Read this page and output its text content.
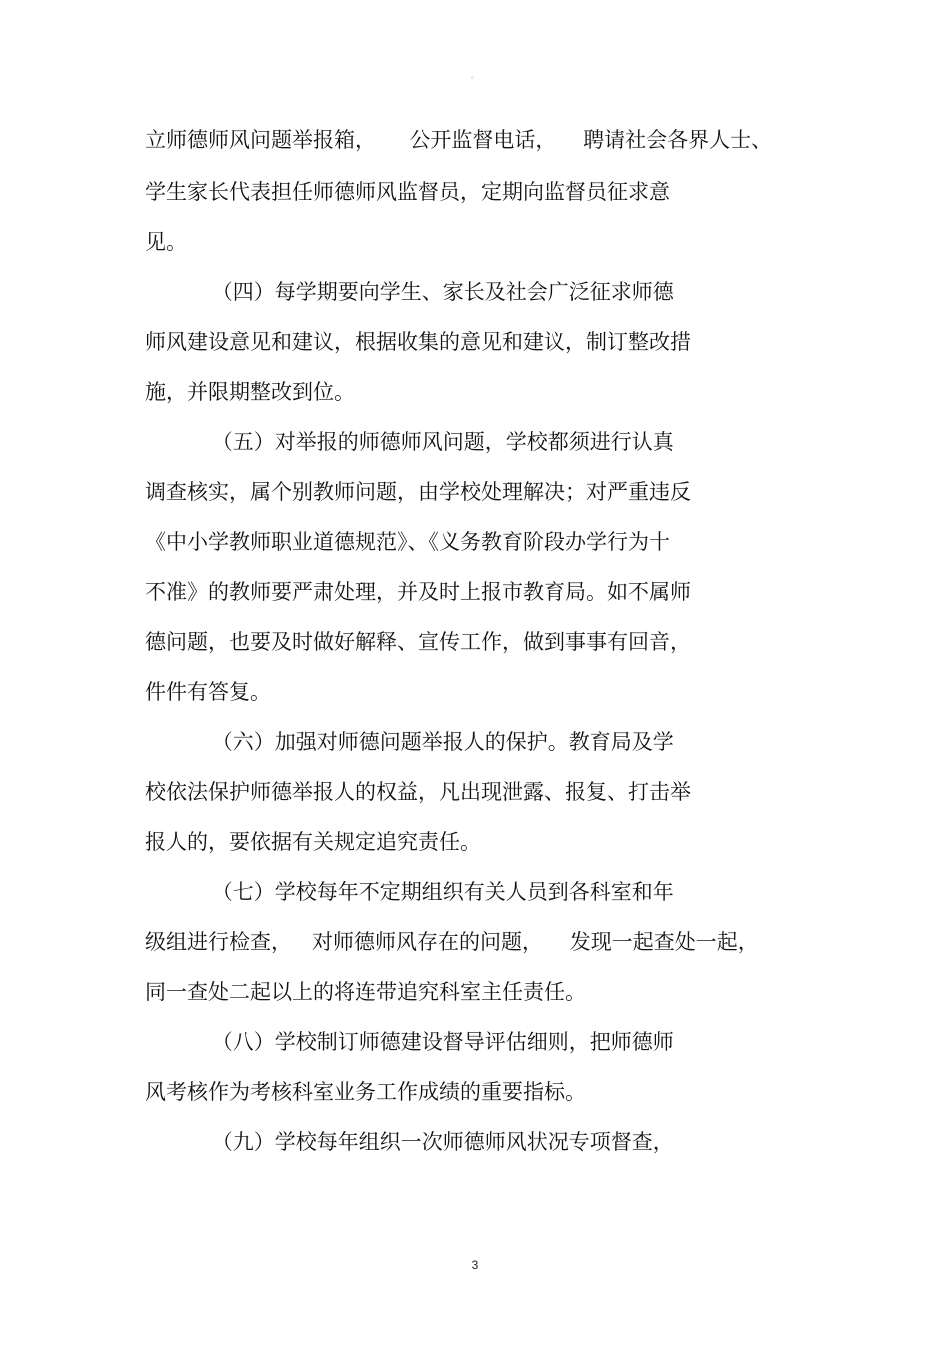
。
立师德师风问题举报箱，     公开监督电话，    聘请社会各界人士、
学生家长代表担任师德师风监督员，定期向监督员征求意
见。
（四）每学期要向学生、家长及社会广泛征求师德
师风建设意见和建议，根据收集的意见和建议，制订整改措
施，并限期整改到位。
（五）对举报的师德师风问题，学校都须进行认真
调查核实，属个别教师问题，由学校处理解决；对严重违反
《中小学教师职业道德规范》、《义务教育阶段办学行为十
不准》的教师要严肃处理，并及时上报市教育局。如不属师
德问题，也要及时做好解释、宣传工作，做到事事有回音，
件件有答复。
（六）加强对师德问题举报人的保护。教育局及学
校依法保护师德举报人的权益，凡出现泄露、报复、打击举
报人的，要依据有关规定追究责任。
（七）学校每年不定期组织有关人员到各科室和年
级组进行检查，   对师德师风存在的问题，    发现一起查处一起，
同一查处二起以上的将连带追究科室主任责任。
（八）学校制订师德建设督导评估细则，把师德师
风考核作为考核科室业务工作成绩的重要指标。
（九）学校每年组织一次师德师风状况专项督查，
3
